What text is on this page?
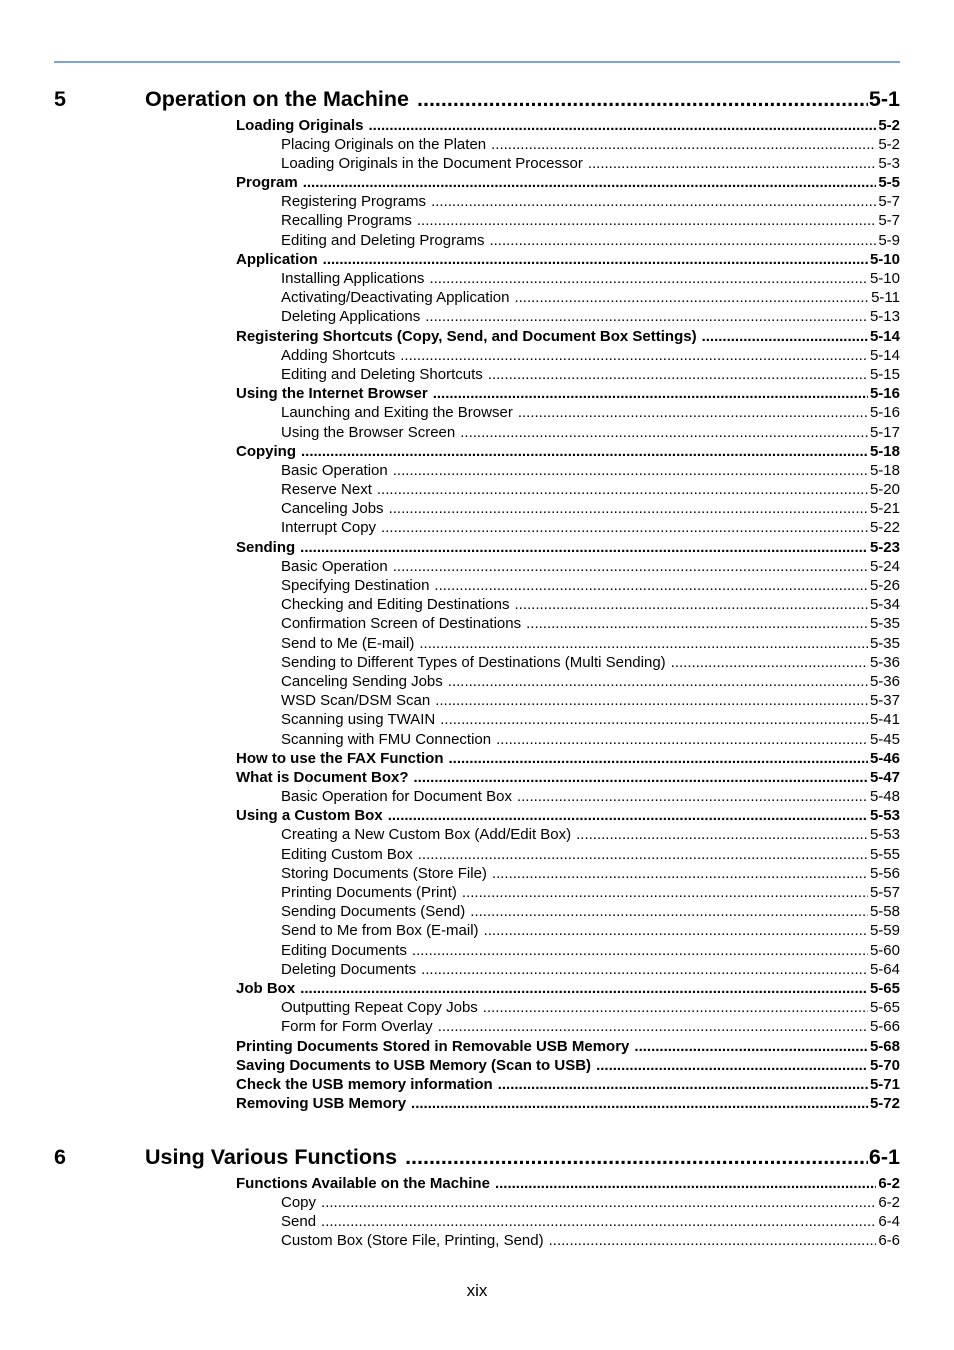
5	Operation on the Machine .....	5-1
Loading Originals .....	5-2
Placing Originals on the Platen .....	5-2
Loading Originals in the Document Processor .....	5-3
Program .....	5-5
Registering Programs .....	5-7
Recalling Programs .....	5-7
Editing and Deleting Programs .....	5-9
Application .....	5-10
Installing Applications .....	5-10
Activating/Deactivating Application .....	5-11
Deleting Applications .....	5-13
Registering Shortcuts (Copy, Send, and Document Box Settings) .....	5-14
Adding Shortcuts .....	5-14
Editing and Deleting Shortcuts .....	5-15
Using the Internet Browser .....	5-16
Launching and Exiting the Browser .....	5-16
Using the Browser Screen .....	5-17
Copying .....	5-18
Basic Operation .....	5-18
Reserve Next .....	5-20
Canceling Jobs .....	5-21
Interrupt Copy .....	5-22
Sending .....	5-23
Basic Operation .....	5-24
Specifying Destination .....	5-26
Checking and Editing Destinations .....	5-34
Confirmation Screen of Destinations .....	5-35
Send to Me (E-mail) .....	5-35
Sending to Different Types of Destinations (Multi Sending) .....	5-36
Canceling Sending Jobs .....	5-36
WSD Scan/DSM Scan .....	5-37
Scanning using TWAIN .....	5-41
Scanning with FMU Connection .....	5-45
How to use the FAX Function .....	5-46
What is Document Box? .....	5-47
Basic Operation for Document Box .....	5-48
Using a Custom Box .....	5-53
Creating a New Custom Box (Add/Edit Box) .....	5-53
Editing Custom Box .....	5-55
Storing Documents (Store File) .....	5-56
Printing Documents (Print) .....	5-57
Sending Documents (Send) .....	5-58
Send to Me from Box (E-mail) .....	5-59
Editing Documents .....	5-60
Deleting Documents .....	5-64
Job Box .....	5-65
Outputting Repeat Copy Jobs .....	5-65
Form for Form Overlay .....	5-66
Printing Documents Stored in Removable USB Memory .....	5-68
Saving Documents to USB Memory (Scan to USB) .....	5-70
Check the USB memory information .....	5-71
Removing USB Memory .....	5-72
6	Using Various Functions .....	6-1
Functions Available on the Machine .....	6-2
Copy .....	6-2
Send .....	6-4
Custom Box (Store File, Printing, Send) .....	6-6
xix
